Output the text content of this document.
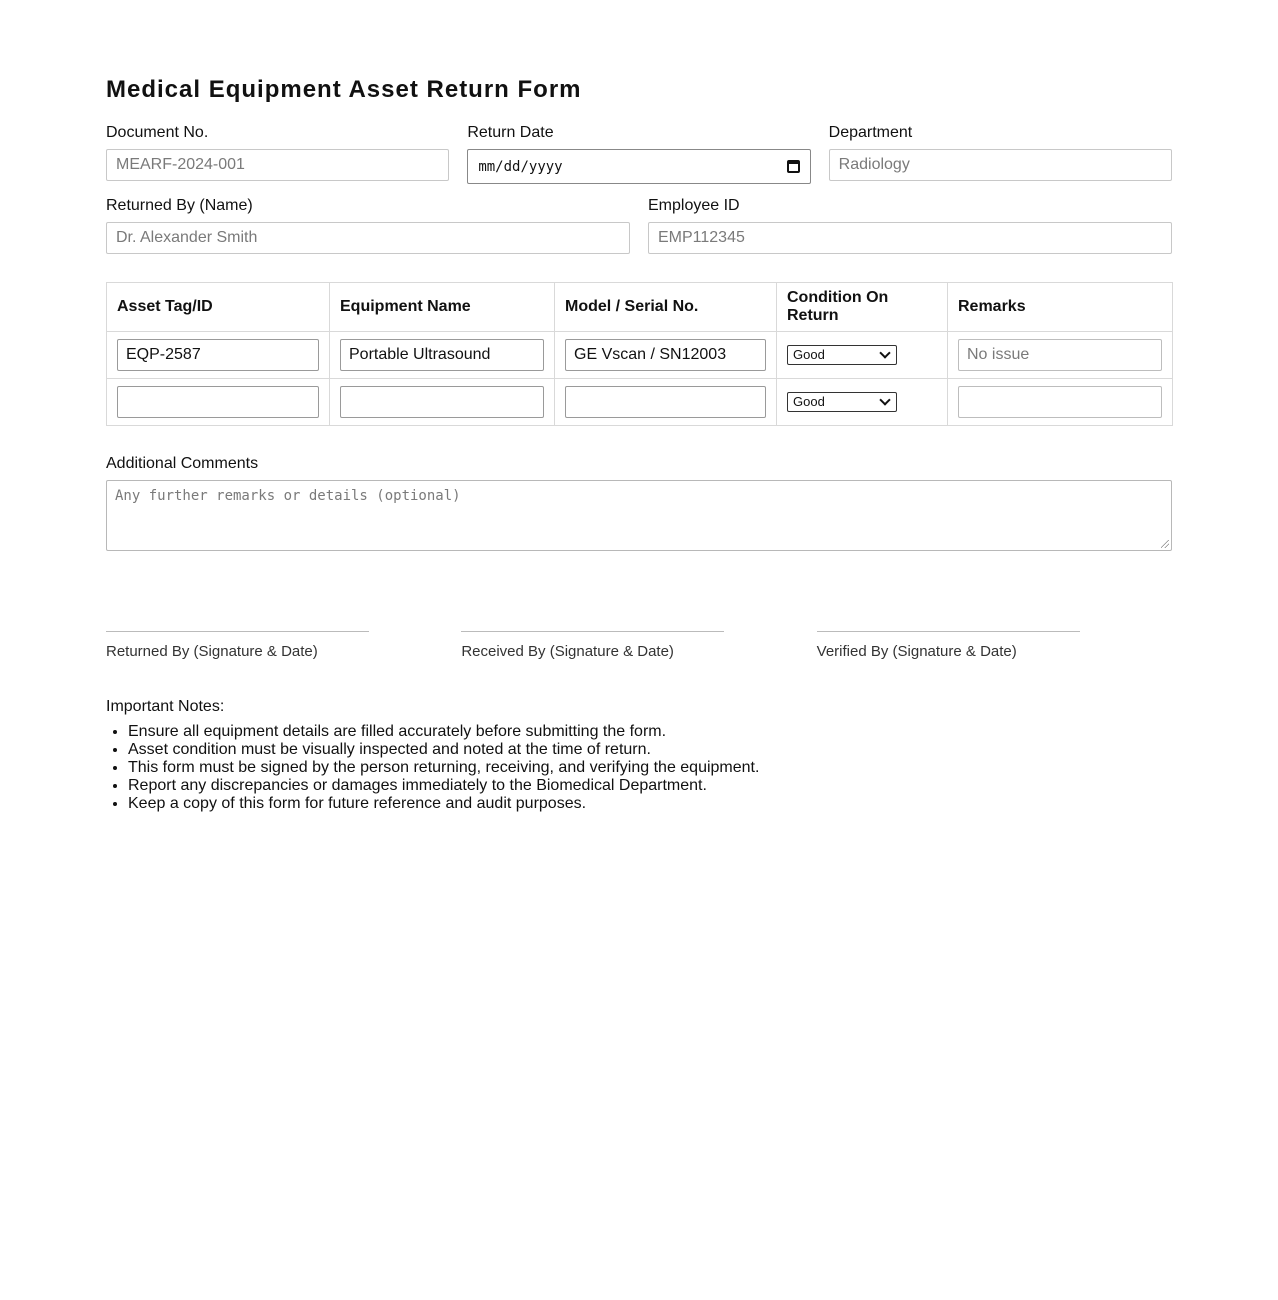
Medical Equipment Asset Return Form
Document No.
MEARF-2024-001
Return Date
mm/dd/yyyy
Department
Radiology
Returned By (Name)
Dr. Alexander Smith
Employee ID
EMP112345
Asset Tag/ID	Equipment Name	Model / Serial No.	Condition On Return	Remarks

EQP-2587	Portable Ultrasound	GE Vscan / SN12003	Good	No issue

			Good	

Additional Comments
Any further remarks or details (optional)
Returned By (Signature & Date)	Received By (Signature & Date)	Verified By (Signature & Date)
Important Notes:
• Ensure all equipment details are filled accurately before submitting the form.
• Asset condition must be visually inspected and noted at the time of return.
• This form must be signed by the person returning, receiving, and verifying the equipment.
• Report any discrepancies or damages immediately to the Biomedical Department.
• Keep a copy of this form for future reference and audit purposes.
